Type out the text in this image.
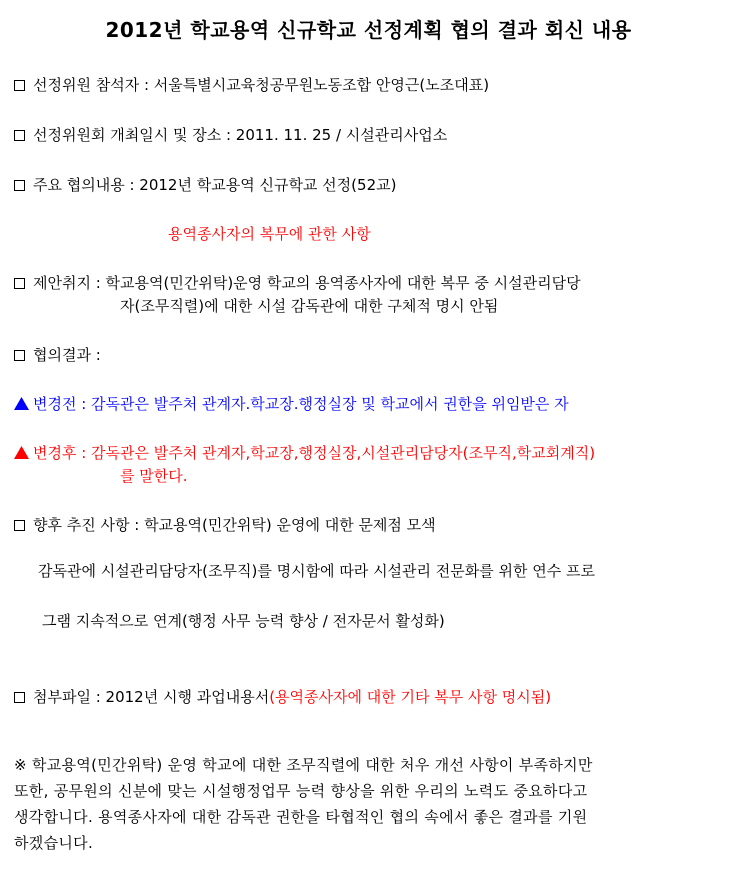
2012년 학교용역 신규학교 선정계획 협의 결과 회신 내용
선정위원 참석자 : 서울특별시교육청공무원노동조합 안영근(노조대표)
선정위원회 개최일시 및 장소 : 2011. 11. 25 / 시설관리사업소
주요 협의내용 : 2012년 학교용역 신규학교 선정(52교)
용역종사자의 복무에 관한 사항
제안취지 : 학교용역(민간위탁)운영 학교의 용역종사자에 대한 복무 중 시설관리담당
자(조무직렬)에 대한 시설 감독관에 대한 구체적 명시 안됨
협의결과 :
변경전 : 감독관은 발주처 관계자.학교장.행정실장 및 학교에서 권한을 위임받은 자
변경후 : 감독관은 발주처 관계자,학교장,행정실장,시설관리담당자(조무직,학교회계직)
를 말한다.
향후 추진 사항 : 학교용역(민간위탁) 운영에 대한 문제점 모색
감독관에 시설관리담당자(조무직)를 명시함에 따라 시설관리 전문화를 위한 연수 프로
그램 지속적으로 연계(행정 사무 능력 향상 / 전자문서 활성화)
첨부파일 : 2012년 시행 과업내용서(용역종사자에 대한 기타 복무 사항 명시됨)
※ 학교용역(민간위탁) 운영 학교에 대한 조무직렬에 대한 처우 개선 사항이 부족하지만
또한, 공무원의 신분에 맞는 시설행정업무 능력 향상을 위한 우리의 노력도 중요하다고
생각합니다. 용역종사자에 대한 감독관 권한을 타협적인 협의 속에서 좋은 결과를 기원
하겠습니다.
